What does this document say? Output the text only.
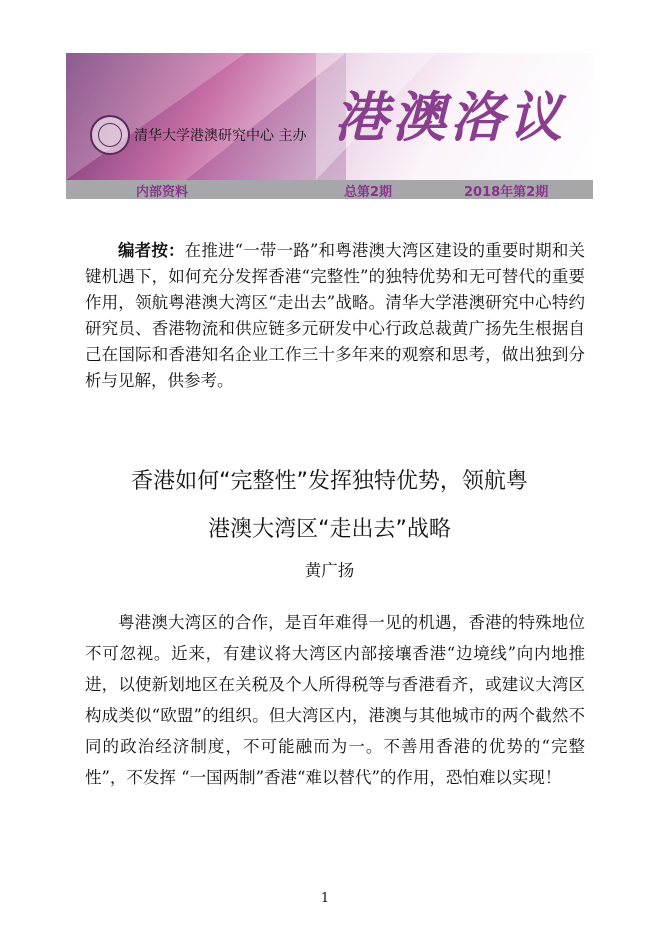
清华大学港澳研究中心 主办 港澳洛议
内部资料	总第2期	2018年第2期

编者按：在推进“一带一路”和粤港澳大湾区建设的重要时期和关键机遇下，如何充分发挥香港“完整性”的独特优势和无可替代的重要作用，领航粤港澳大湾区“走出去”战略。清华大学港澳研究中心特约研究员、香港物流和供应链多元研发中心行政总裁黄广扬先生根据自己在国际和香港知名企业工作三十多年来的观察和思考，做出独到分析与见解，供参考。

香港如何“完整性”发挥独特优势，领航粤
港澳大湾区“走出去”战略
黄广扬

粤港澳大湾区的合作，是百年难得一见的机遇，香港的特殊地位不可忽视。近来，有建议将大湾区内部接壤香港“边境线”向内地推进，以使新划地区在关税及个人所得税等与香港看齐，或建议大湾区构成类似“欧盟”的组织。但大湾区内，港澳与其他城市的两个截然不同的政治经济制度，不可能融而为一。不善用香港的优势的“完整性”，不发挥 “一国两制”香港“难以替代”的作用，恐怕难以实现！

1
